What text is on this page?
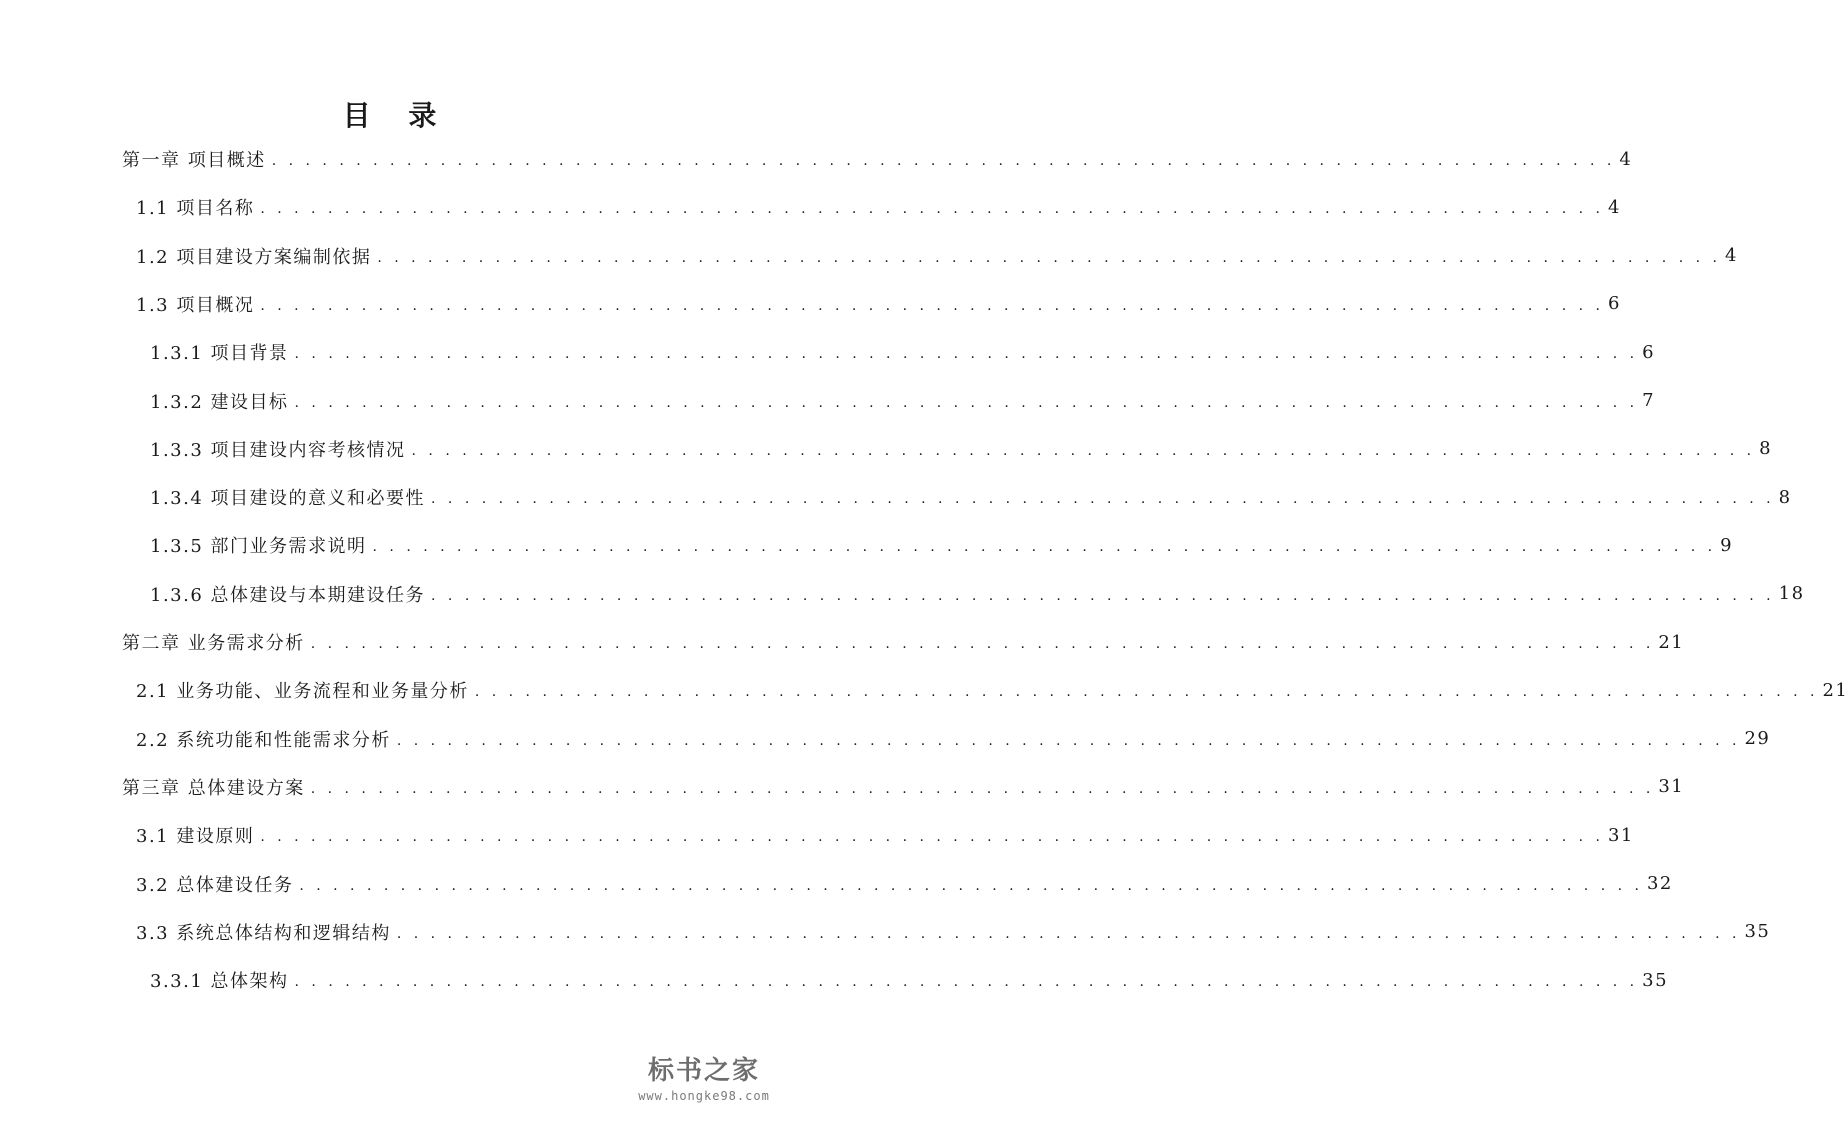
目 录
第一章 项目概述 . . . . . . . . . . . . . . . . . . . . . . . . . . . . . . . . . . . . . . . . . . . . . . . . . . . . . . . . . . . . . . . . . . . . . . . . . . . . . . . . 4
1.1 项目名称 . . . . . . . . . . . . . . . . . . . . . . . . . . . . . . . . . . . . . . . . . . . . . . . . . . . . . . . . . . . . . . . . . . . . . . . . . . . . . . . . 4
1.2 项目建设方案编制依据 . . . . . . . . . . . . . . . . . . . . . . . . . . . . . . . . . . . . . . . . . . . . . . . . . . . . . . . . . . . . . . . . . . . . . . . . . . . . . . . . 4
1.3 项目概况 . . . . . . . . . . . . . . . . . . . . . . . . . . . . . . . . . . . . . . . . . . . . . . . . . . . . . . . . . . . . . . . . . . . . . . . . . . . . . . . . 6
1.3.1 项目背景 . . . . . . . . . . . . . . . . . . . . . . . . . . . . . . . . . . . . . . . . . . . . . . . . . . . . . . . . . . . . . . . . . . . . . . . . . . . . . . . . 6
1.3.2 建设目标 . . . . . . . . . . . . . . . . . . . . . . . . . . . . . . . . . . . . . . . . . . . . . . . . . . . . . . . . . . . . . . . . . . . . . . . . . . . . . . . . 7
1.3.3 项目建设内容考核情况 . . . . . . . . . . . . . . . . . . . . . . . . . . . . . . . . . . . . . . . . . . . . . . . . . . . . . . . . . . . . . . . . . . . . . . . . . . . . . . . . 8
1.3.4 项目建设的意义和必要性 . . . . . . . . . . . . . . . . . . . . . . . . . . . . . . . . . . . . . . . . . . . . . . . . . . . . . . . . . . . . . . . . . . . . . . . . . . . . . . . . 8
1.3.5 部门业务需求说明 . . . . . . . . . . . . . . . . . . . . . . . . . . . . . . . . . . . . . . . . . . . . . . . . . . . . . . . . . . . . . . . . . . . . . . . . . . . . . . . . 9
1.3.6 总体建设与本期建设任务 . . . . . . . . . . . . . . . . . . . . . . . . . . . . . . . . . . . . . . . . . . . . . . . . . . . . . . . . . . . . . . . . . . . . . . . . . . . . . . . . 18
第二章 业务需求分析 . . . . . . . . . . . . . . . . . . . . . . . . . . . . . . . . . . . . . . . . . . . . . . . . . . . . . . . . . . . . . . . . . . . . . . . . . . . . . . . . 21
2.1 业务功能、业务流程和业务量分析 . . . . . . . . . . . . . . . . . . . . . . . . . . . . . . . . . . . . . . . . . . . . . . . . . . . . . . . . . . . . . . . . . . . . . . . . . . . . . . . . 21
2.2 系统功能和性能需求分析 . . . . . . . . . . . . . . . . . . . . . . . . . . . . . . . . . . . . . . . . . . . . . . . . . . . . . . . . . . . . . . . . . . . . . . . . . . . . . . . . 29
第三章 总体建设方案 . . . . . . . . . . . . . . . . . . . . . . . . . . . . . . . . . . . . . . . . . . . . . . . . . . . . . . . . . . . . . . . . . . . . . . . . . . . . . . . . 31
3.1 建设原则 . . . . . . . . . . . . . . . . . . . . . . . . . . . . . . . . . . . . . . . . . . . . . . . . . . . . . . . . . . . . . . . . . . . . . . . . . . . . . . . . 31
3.2 总体建设任务 . . . . . . . . . . . . . . . . . . . . . . . . . . . . . . . . . . . . . . . . . . . . . . . . . . . . . . . . . . . . . . . . . . . . . . . . . . . . . . . . 32
3.3 系统总体结构和逻辑结构 . . . . . . . . . . . . . . . . . . . . . . . . . . . . . . . . . . . . . . . . . . . . . . . . . . . . . . . . . . . . . . . . . . . . . . . . . . . . . . . . 35
3.3.1 总体架构 . . . . . . . . . . . . . . . . . . . . . . . . . . . . . . . . . . . . . . . . . . . . . . . . . . . . . . . . . . . . . . . . . . . . . . . . . . . . . . . . 35
标书之家
www.hongke98.com
